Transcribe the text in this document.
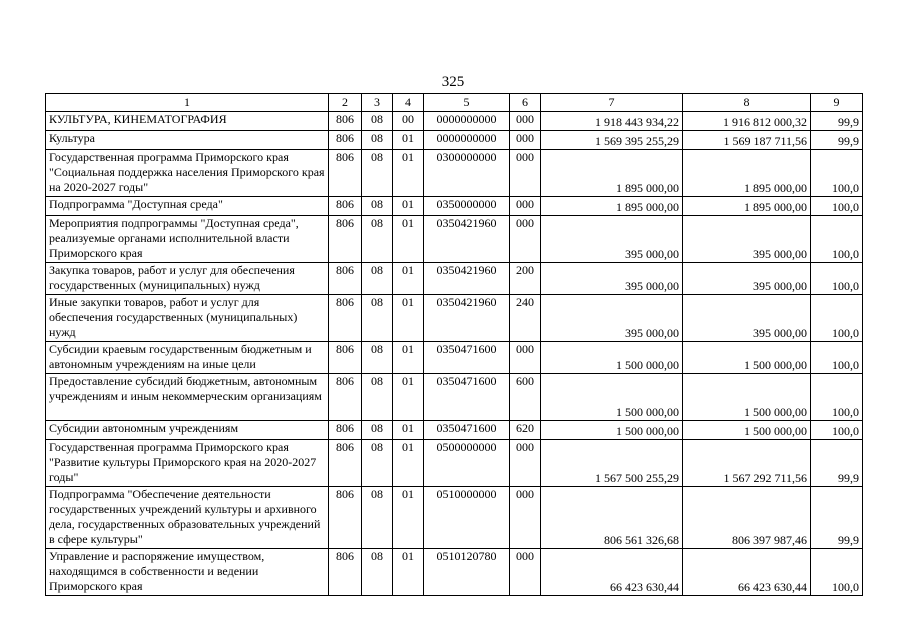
325
1	2	3	4	5	6	7	8	9
КУЛЬТУРА, КИНЕМАТОГРАФИЯ	806	08	00	0000000000	000	1 918 443 934,22	1 916 812 000,32	99,9
Культура	806	08	01	0000000000	000	1 569 395 255,29	1 569 187 711,56	99,9
Государственная программа Приморского края "Социальная поддержка населения Приморского края на 2020-2027 годы"	806	08	01	0300000000	000	1 895 000,00	1 895 000,00	100,0
Подпрограмма "Доступная среда"	806	08	01	0350000000	000	1 895 000,00	1 895 000,00	100,0
Мероприятия подпрограммы "Доступная среда", реализуемые органами исполнительной власти Приморского края	806	08	01	0350421960	000	395 000,00	395 000,00	100,0
Закупка товаров, работ и услуг для обеспечения государственных (муниципальных) нужд	806	08	01	0350421960	200	395 000,00	395 000,00	100,0
Иные закупки товаров, работ и услуг для обеспечения государственных (муниципальных) нужд	806	08	01	0350421960	240	395 000,00	395 000,00	100,0
Субсидии краевым государственным бюджетным и автономным учреждениям на иные цели	806	08	01	0350471600	000	1 500 000,00	1 500 000,00	100,0
Предоставление субсидий бюджетным, автономным учреждениям и иным некоммерческим организациям	806	08	01	0350471600	600	1 500 000,00	1 500 000,00	100,0
Субсидии автономным учреждениям	806	08	01	0350471600	620	1 500 000,00	1 500 000,00	100,0
Государственная программа Приморского края "Развитие культуры Приморского края на 2020-2027 годы"	806	08	01	0500000000	000	1 567 500 255,29	1 567 292 711,56	99,9
Подпрограмма "Обеспечение деятельности государственных учреждений культуры и архивного дела, государственных образовательных учреждений в сфере культуры"	806	08	01	0510000000	000	806 561 326,68	806 397 987,46	99,9
Управление и распоряжение имуществом, находящимся в собственности и ведении Приморского края	806	08	01	0510120780	000	66 423 630,44	66 423 630,44	100,0
